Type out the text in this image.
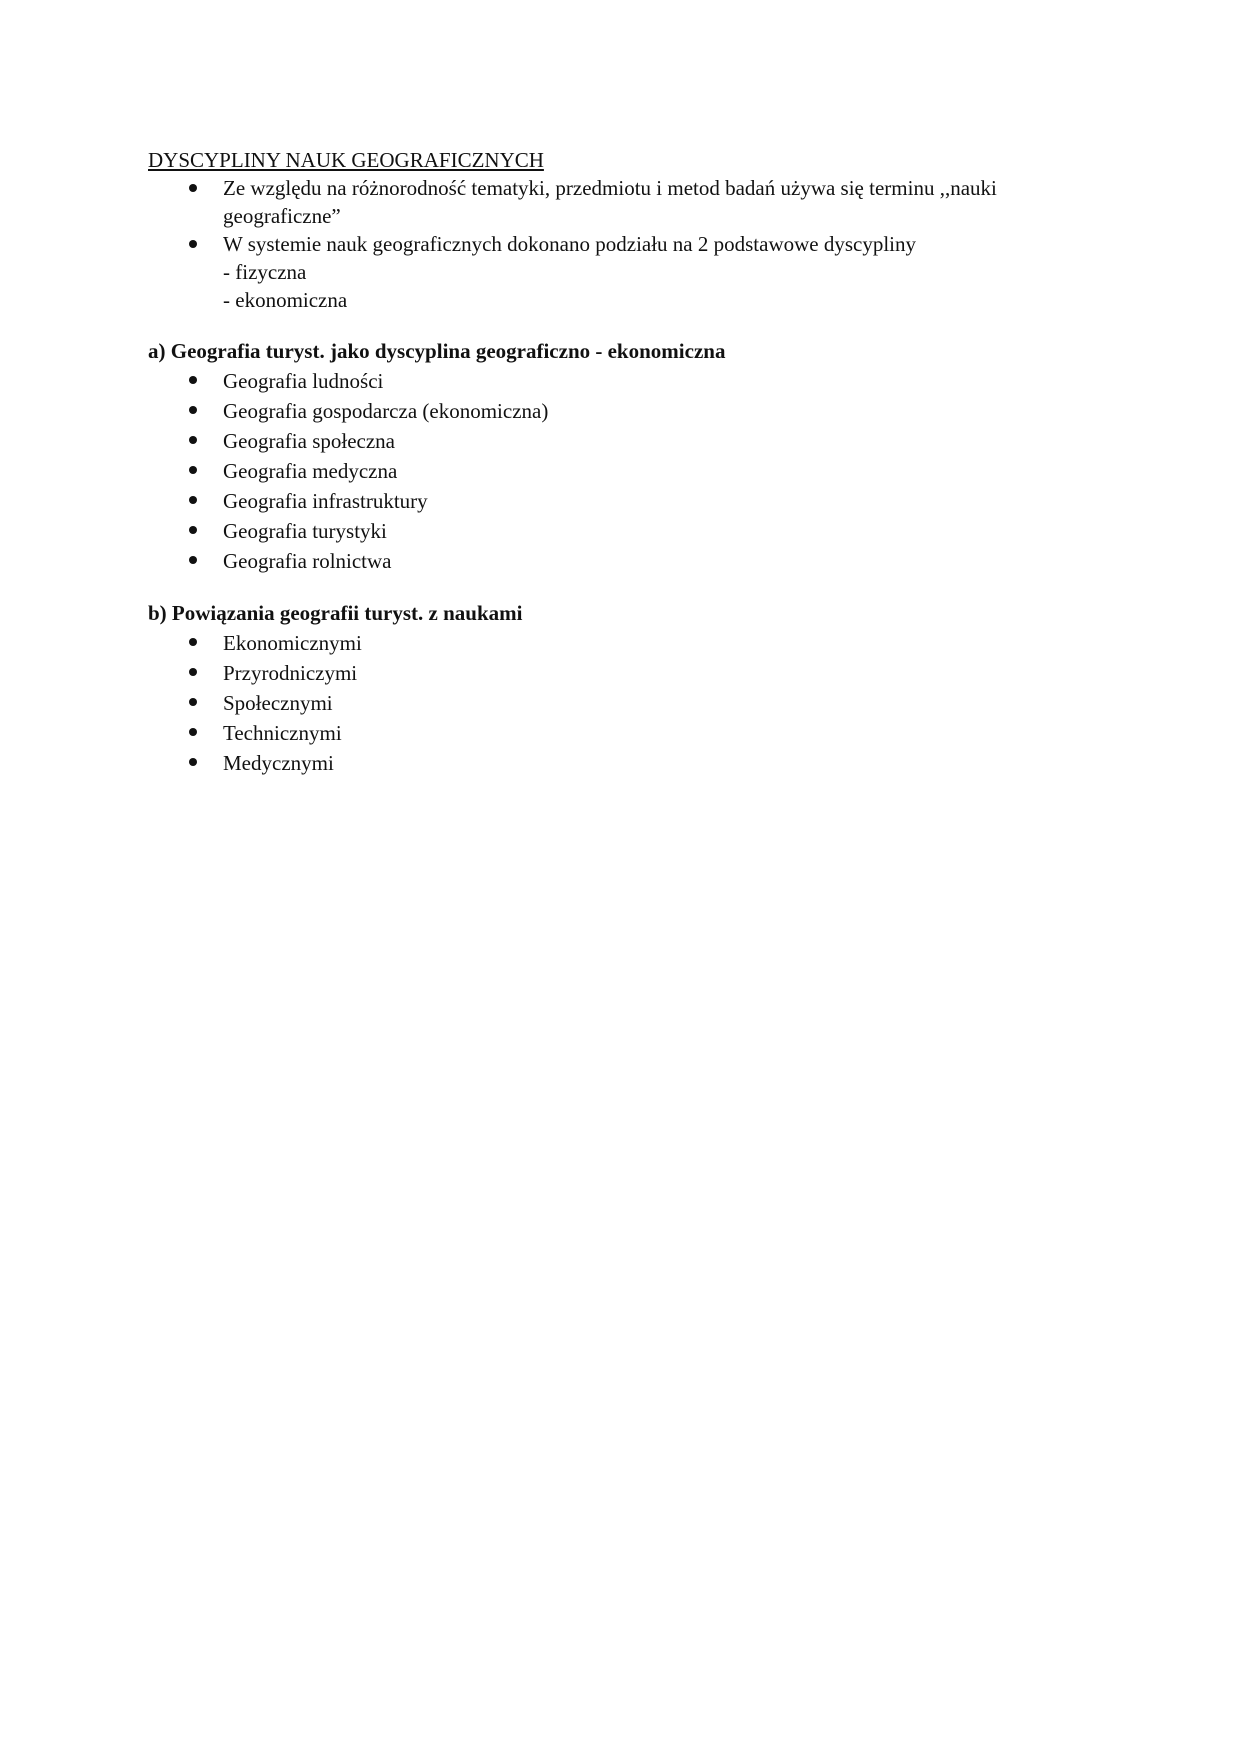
DYSCYPLINY NAUK GEOGRAFICZNYCH
Ze względu na różnorodność tematyki, przedmiotu i metod badań używa się terminu ,,nauki geograficzne”
W systemie nauk geograficznych dokonano podziału na 2 podstawowe dyscypliny
- fizyczna
- ekonomiczna
a) Geografia turyst. jako dyscyplina geograficzno - ekonomiczna
Geografia ludności
Geografia gospodarcza (ekonomiczna)
Geografia społeczna
Geografia medyczna
Geografia infrastruktury
Geografia turystyki
Geografia rolnictwa
b) Powiązania geografii turyst. z naukami
Ekonomicznymi
Przyrodniczymi
Społecznymi
Technicznymi
Medycznymi
